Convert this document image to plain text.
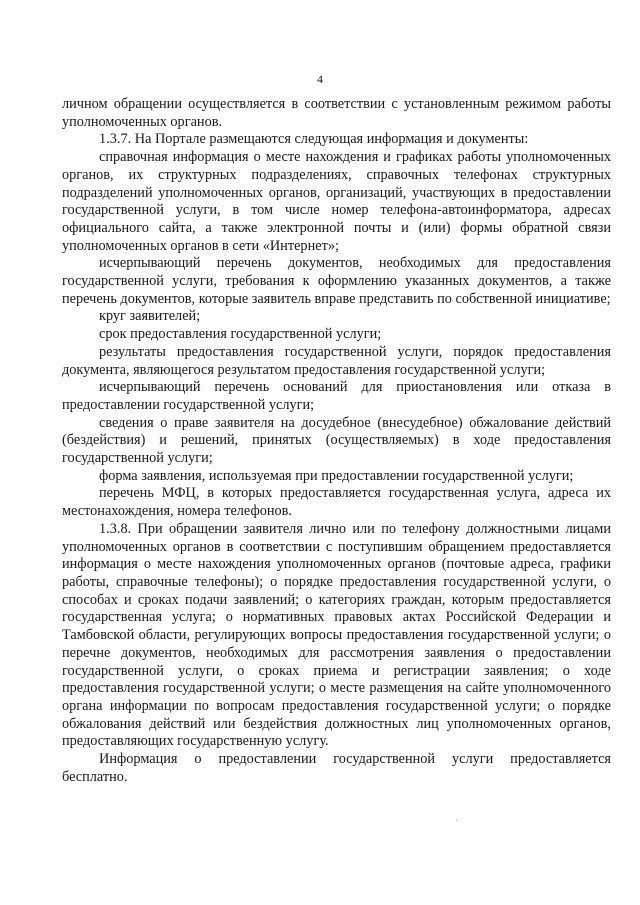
4

личном обращении осуществляется в соответствии с установленным режимом работы уполномоченных органов.

1.3.7. На Портале размещаются следующая информация и документы:

справочная информация о месте нахождения и графиках работы уполномоченных органов, их структурных подразделениях, справочных телефонах структурных подразделений уполномоченных органов, организаций, участвующих в предоставлении государственной услуги, в том числе номер телефона-автоинформатора, адресах официального сайта, а также электронной почты и (или) формы обратной связи уполномоченных органов в сети «Интернет»;

исчерпывающий перечень документов, необходимых для предоставления государственной услуги, требования к оформлению указанных документов, а также перечень документов, которые заявитель вправе представить по собственной инициативе;

круг заявителей;

срок предоставления государственной услуги;

результаты предоставления государственной услуги, порядок предоставления документа, являющегося результатом предоставления государственной услуги;

исчерпывающий перечень оснований для приостановления или отказа в предоставлении государственной услуги;

сведения о праве заявителя на досудебное (внесудебное) обжалование действий (бездействия) и решений, принятых (осуществляемых) в ходе предоставления государственной услуги;

форма заявления, используемая при предоставлении государственной услуги;

перечень МФЦ, в которых предоставляется государственная услуга, адреса их местонахождения, номера телефонов.

1.3.8. При обращении заявителя лично или по телефону должностными лицами уполномоченных органов в соответствии с поступившим обращением предоставляется информация о месте нахождения уполномоченных органов (почтовые адреса, графики работы, справочные телефоны); о порядке предоставления государственной услуги, о способах и сроках подачи заявлений; о категориях граждан, которым предоставляется государственная услуга; о нормативных правовых актах Российской Федерации и Тамбовской области, регулирующих вопросы предоставления государственной услуги; о перечне документов, необходимых для рассмотрения заявления о предоставлении государственной услуги, о сроках приема и регистрации заявления; о ходе предоставления государственной услуги; о месте размещения на сайте уполномоченного органа информации по вопросам предоставления государственной услуги; о порядке обжалования действий или бездействия должностных лиц уполномоченных органов, предоставляющих государственную услугу.

Информация о предоставлении государственной услуги предоставляется бесплатно.
